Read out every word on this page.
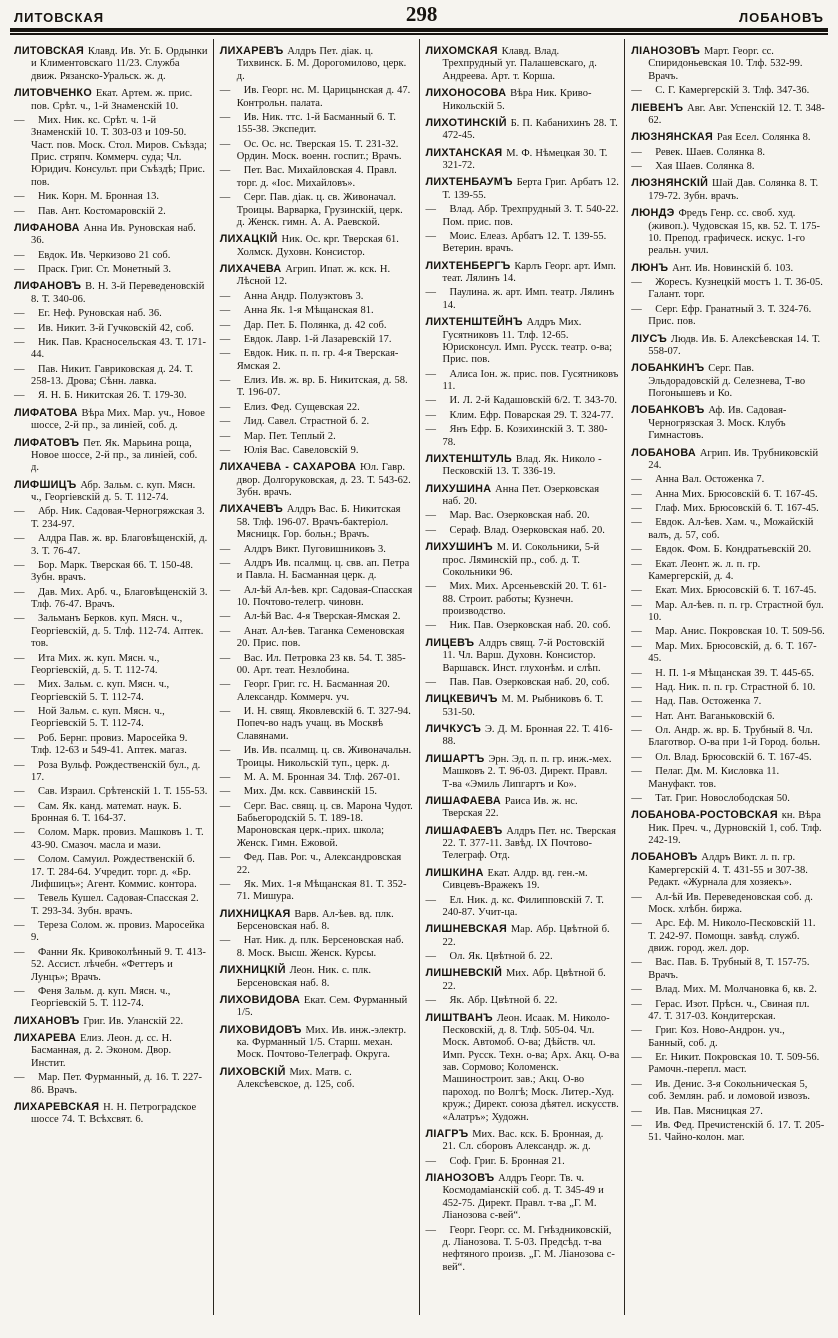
ЛИТОВСКАЯ	298	ЛОБАНОВЪ

ЛИТОВСКАЯ Клавд. Ив. Уг. Б. Ордынки и Климентовскаго 11/23. Служба движ. Рязанско-Уральск. ж. д.

ЛИТОВЧЕНКО Екат. Артем. ж. прис. пов. Срѣт. ч., 1-й Знаменскій 10.

— Мих. Ник. кс. Срѣт. ч. 1-й Знаменскій 10. Т. 303-03 и 109-50. Част. пов. Моск. Стол. Миров. Съѣзда; Прис. стряпч. Коммерч. суда; Чл. Юридич. Консульт. при Съѣздѣ; Прис. пов.

— Ник. Корн. М. Бронная 13.

— Пав. Ант. Костомаровскій 2.

ЛИФАНОВА Анна Ив. Руновская наб. 36.

— Евдок. Ив. Черкизово 21 соб.

— Праск. Григ. Ст. Монетный 3.

ЛИФАНОВЪ В. Н. 3-й Переведеновскій 8. Т. 340-06.

— Ег. Неф. Руновская наб. 36.

— Ив. Никит. 3-й Гучковскій 42, соб.

— Ник. Пав. Красносельская 43. Т. 171-44.

— Пав. Никит. Гавриковская д. 24. Т. 258-13. Дрова; Сѣнн. лавка.

— Я. Н. Б. Никитская 26. Т. 179-30.

ЛИФАТОВА Вѣра Мих. Мар. уч., Новое шоссе, 2-й пр., за линіей, соб. д.

ЛИФАТОВЪ Пет. Як. Марьина роща, Новое шоссе, 2-й пр., за линіей, соб. д.

ЛИФШИЦЪ Абр. Зальм. с. куп. Мясн. ч., Георгіевскій д. 5. Т. 112-74.

— Абр. Ник. Садовая-Черногряжская 3. Т. 234-97.

— Алдра Пав. ж. вр. Благовѣщенскій, д. 3. Т. 76-47.

— Бор. Марк. Тверская 66. Т. 150-48. Зубн. врачъ.

— Дав. Мих. Арб. ч., Благовѣщенскій 3. Тлф. 76-47. Врачъ.

— Зальманъ Берков. куп. Мясн. ч., Георгіевскій, д. 5. Тлф. 112-74. Аптек. тов.

— Ита Мих. ж. куп. Мясн. ч., Георгіевскій, д. 5. Т. 112-74.

— Мих. Зальм. с. куп. Мясн. ч., Георгіевскій 5. Т. 112-74.

— Ной Зальм. с. куп. Мясн. ч., Георгіевскій 5. Т. 112-74.

— Роб. Бернг. провиз. Маросейка 9. Тлф. 12-63 и 549-41. Аптек. магаз.

— Роза Вульф. Рождественскій бул., д. 17.

— Сав. Израил. Срѣтенскій 1. Т. 155-53.

— Сам. Як. канд. математ. наук. Б. Бронная 6. Т. 164-37.

— Солом. Марк. провиз. Машковъ 1. Т. 43-90. Смазоч. масла и мази.

— Солом. Самуил. Рождественскій б. 17. Т. 284-64. Учредит. торг. д. «Бр. Лифшицъ»; Агент. Коммис. контора.

— Тевель Кушел. Садовая-Спасская 2. Т. 293-34. Зубн. врачъ.

— Тереза Солом. ж. провиз. Маросейка 9.

— Фанни Як. Кривоколѣнный 9. Т. 413-52. Ассист. лѣчебн. «Феттеръ и Лунцъ»; Врачъ.

— Феня Зальм. д. куп. Мясн. ч., Георгіевскій 5. Т. 112-74.

ЛИХАНОВЪ Григ. Ив. Уланскій 22.

ЛИХАРЕВА Елиз. Леон. д. сс. Н. Басманная, д. 2. Эконом. Двор. Инстит.

— Мар. Пет. Фурманный, д. 16. Т. 227-86. Врачъ.

ЛИХАРЕВСКАЯ Н. Н. Петроградское шоссе 74. Т. Всѣхсвят. 6.

ЛИХАРЕВЪ Алдръ Пет. діак. ц. Тихвинск. Б. М. Дорогомилово, церк. д.

— Ив. Георг. нс. М. Царицынская д. 47. Контрольн. палата.

— Ив. Ник. ттс. 1-й Басманный 6. Т. 155-38. Экспедит.

— Ос. Ос. нс. Тверская 15. Т. 231-32. Ордин. Моск. военн. госпит.; Врачъ.

— Пет. Вас. Михайловская 4. Правл. торг. д. «Іос. Михайловъ».

— Серг. Пав. діак. ц. св. Живоначал. Троицы. Варварка, Грузинскій, церк. д. Женск. гимн. А. А. Раевской.

ЛИХАЦКІЙ Ник. Ос. крг. Тверская 61. Холмск. Духовн. Консистор.

ЛИХАЧЕВА Агрип. Ипат. ж. кск. Н. Лѣсной 12.

— Анна Андр. Полуэктовъ 3.

— Анна Як. 1-я Мѣщанская 81.

— Дар. Пет. Б. Полянка, д. 42 соб.

— Евдок. Лавр. 1-й Лазаревскій 17.

— Евдок. Ник. п. п. гр. 4-я Тверская-Ямская 2.

— Елиз. Ив. ж. вр. Б. Никитская, д. 58. Т. 196-07.

— Елиз. Фед. Сущевская 22.

— Лид. Савел. Страстной б. 2.

— Мар. Пет. Теплый 2.

— Юлія Вас. Савеловскій 9.

ЛИХАЧЕВА - САХАРОВА Юл. Гавр. двор. Долгоруковская, д. 23. Т. 543-62. Зубн. врачъ.

ЛИХАЧЕВЪ Алдръ Вас. Б. Никитская 58. Тлф. 196-07. Врачъ-бактеріол. Мясницк. Гор. больн.; Врачъ.

— Алдръ Викт. Пуговишниковъ 3.

— Алдръ Ив. псалмщ. ц. свв. ап. Петра и Павла. Н. Басманная церк. д.

— Ал-ѣй Ал-ѣев. крг. Садовая-Спасская 10. Почтово-телегр. чиновн.

— Ал-ѣй Вас. 4-я Тверская-Ямская 2.

— Анат. Ал-ѣев. Таганка Семеновская 20. Прис. пов.

— Вас. Ил. Петровка 23 кв. 54. Т. 385-00. Арт. теат. Незлобина.

— Георг. Григ. гс. Н. Басманная 20. Александр. Коммерч. уч.

— И. Н. свящ. Яковлевскій 6. Т. 327-94. Попеч-во надъ учащ. въ Москвѣ Славянами.

— Ив. Ив. псалмщ. ц. св. Живоначальн. Троицы. Никольскій туп., церк. д.

— М. А. М. Бронная 34. Тлф. 267-01.

— Мих. Дм. кск. Саввинскій 15.

— Серг. Вас. свящ. ц. св. Марона Чудот. Бабьегородскій 5. Т. 189-18. Мароновская церк.-прих. школа; Женск. Гимн. Ежовой.

— Фед. Пав. Рог. ч., Александровская 22.

— Як. Мих. 1-я Мѣщанская 81. Т. 352-71. Мишура.

ЛИХНИЦКАЯ Варв. Ал-ѣев. вд. плк. Берсеновская наб. 8.

— Нат. Ник. д. плк. Берсеновская наб. 8. Моск. Высш. Женск. Курсы.

ЛИХНИЦКІЙ Леон. Ник. с. плк. Берсеновская наб. 8.

ЛИХОВИДОВА Екат. Сем. Фурманный 1/5.

ЛИХОВИДОВЪ Мих. Ив. инж.-электр. ка. Фурманный 1/5. Старш. механ. Моск. Почтово-Телеграф. Округа.

ЛИХОВСКІЙ Мих. Матв. с. Алексѣевское, д. 125, соб.

ЛИХОМСКАЯ Клавд. Влад. Трехпрудный уг. Палашевскаго, д. Андреева. Арт. т. Корша.

ЛИХОНОСОВА Вѣра Ник. Криво-Никольскій 5.

ЛИХОТИНСКІЙ Б. П. Кабанихинъ 28. Т. 472-45.

ЛИХТАНСКАЯ М. Ф. Нѣмецкая 30. Т. 321-72.

ЛИХТЕНБАУМЪ Берта Григ. Арбатъ 12. Т. 139-55.

— Влад. Абр. Трехпрудный 3. Т. 540-22. Пом. прис. пов.

— Моис. Елеаз. Арбатъ 12. Т. 139-55. Ветерин. врачъ.

ЛИХТЕНБЕРГЪ Карлъ Георг. арт. Имп. теат. Лялинъ 14.

— Паулина. ж. арт. Имп. театр. Лялинъ 14.

ЛИХТЕНШТЕЙНЪ Алдръ Мих. Гусятниковъ 11. Тлф. 12-65. Юрисконсул. Имп. Русск. театр. о-ва; Прис. пов.

— Алиса Іон. ж. прис. пов. Гусятниковъ 11.

— И. Л. 2-й Кадашовскій 6/2. Т. 343-70.

— Клим. Ефр. Поварская 29. Т. 324-77.

— Янъ Ефр. Б. Козихинскій 3. Т. 380-78.

ЛИХТЕНШТУЛЬ Влад. Як. Николо - Песковскій 13. Т. 336-19.

ЛИХУШИНА Анна Пет. Озерковская наб. 20.

— Мар. Вас. Озерковская наб. 20.

— Сераф. Влад. Озерковская наб. 20.

ЛИХУШИНЪ М. И. Сокольники, 5-й прос. Ляминскій пр., соб. д. Т. Сокольники 96.

— Мих. Мих. Арсеньевскій 20. Т. 61-88. Строит. работы; Кузнечн. производство.

— Ник. Пав. Озерковская наб. 20. соб.

ЛИЦЕВЪ Алдръ свящ. 7-й Ростовскій 11. Чл. Варш. Духовн. Консистор. Варшавск. Инст. глухонѣм. и слѣп.

— Пав. Пав. Озерковская наб. 20, соб.

ЛИЦКЕВИЧЪ М. М. Рыбниковъ 6. Т. 531-50.

ЛИЧКУСЪ Э. Д. М. Бронная 22. Т. 416-88.

ЛИШАРТЪ Эрн. Эд. п. п. гр. инж.-мех. Машковъ 2. Т. 96-03. Директ. Правл. Т-ва «Эмиль Липгартъ и Ко».

ЛИШАФАЕВА Раиса Ив. ж. нс. Тверская 22.

ЛИШАФАЕВЪ Алдръ Пет. нс. Тверская 22. Т. 377-11. Завѣд. IX Почтово-Телеграф. Отд.

ЛИШКИНА Екат. Алдр. вд. ген.-м. Сивцевъ-Вражекъ 19.

— Ел. Ник. д. кс. Филипповскій 7. Т. 240-87. Учит-ца.

ЛИШНЕВСКАЯ Мар. Абр. Цвѣтной б. 22.

— Ол. Як. Цвѣтной б. 22.

ЛИШНЕВСКІЙ Мих. Абр. Цвѣтной б. 22.

— Як. Абр. Цвѣтной б. 22.

ЛИШТВАНЪ Леон. Исаак. М. Николо-Песковскій, д. 8. Тлф. 505-04. Чл. Моск. Автомоб. О-ва; Дѣйств. чл. Имп. Русск. Техн. о-ва; Арх. Акц. О-ва зав. Сормово; Коломенск. Машиностроит. зав.; Акц. О-во пароход. по Волгѣ; Моск. Литер.-Худ. круж.; Директ. союза дѣятел. искусств. «Алатръ»; Художн.

ЛІАГРЪ Мих. Вас. кск. Б. Бронная, д. 21. Сл. сборовъ Александр. ж. д.

— Соф. Григ. Б. Бронная 21.

ЛІАНОЗОВЪ Алдръ Георг. Тв. ч. Космодаміанскій соб. д. Т. 345-49 и 452-75. Директ. Правл. т-ва „Г. М. Ліанозова с-вей“.

— Георг. Георг. сс. М. Гнѣздниковскій, д. Ліанозова. Т. 5-03. Предсѣд. т-ва нефтяного произв. „Г. М. Ліанозова с-вей“.

ЛІАНОЗОВЪ Март. Георг. сс. Спиридоньевская 10. Тлф. 532-99. Врачъ.

— С. Г. Камергерскій 3. Тлф. 347-36.

ЛІЕВЕНЪ Авг. Авг. Успенскій 12. Т. 348-62.

ЛЮЗНЯНСКАЯ Рая Есел. Солянка 8.

— Ревек. Шаев. Солянка 8.

— Хая Шаев. Солянка 8.

ЛЮЗНЯНСКІЙ Шай Дав. Солянка 8. Т. 179-72. Зубн. врачъ.

ЛЮНДЭ Фредъ Генр. сс. своб. худ. (живоп.). Чудовская 15, кв. 52. Т. 175-10. Препод. графическ. искус. 1-го реальн. учил.

ЛЮНЪ Ант. Ив. Новинскій б. 103.

— Жоресъ. Кузнецкій мостъ 1. Т. 36-05. Галант. торг.

— Серг. Ефр. Гранатный 3. Т. 324-76. Прис. пов.

ЛІУСЪ Людв. Ив. Б. Алексѣевская 14. Т. 558-07.

ЛОБАНКИНЪ Серг. Пав. Эльдорадовскій д. Селезнева, Т-во Погонышевъ и Ко.

ЛОБАНКОВЪ Аф. Ив. Садовая-Черногрязская 3. Моск. Клубъ Гимнастовъ.

ЛОБАНОВА Агрип. Ив. Трубниковскій 24.

— Анна Вал. Остоженка 7.

— Анна Мих. Брюсовскій 6. Т. 167-45.

— Глаф. Мих. Брюсовскій 6. Т. 167-45.

— Евдок. Ал-ѣев. Хам. ч., Можайскій валъ, д. 57, соб.

— Евдок. Фом. Б. Кондратьевскій 20.

— Екат. Леонт. ж. л. п. гр. Камергерскій, д. 4.

— Екат. Мих. Брюсовскій 6. Т. 167-45.

— Мар. Ал-ѣев. п. п. гр. Страстной бул. 10.

— Мар. Анис. Покровская 10. Т. 509-56.

— Мар. Мих. Брюсовскій, д. 6. Т. 167-45.

— Н. П. 1-я Мѣщанская 39. Т. 445-65.

— Над. Ник. п. п. гр. Страстной б. 10.

— Над. Пав. Остоженка 7.

— Нат. Ант. Ваганьковскій 6.

— Ол. Андр. ж. вр. Б. Трубный 8. Чл. Благотвор. О-ва при 1-й Город. больн.

— Ол. Влад. Брюсовскій 6. Т. 167-45.

— Пелаг. Дм. М. Кисловка 11. Мануфакт. тов.

— Тат. Григ. Новослободская 50.

ЛОБАНОВА-РОСТОВСКАЯ кн. Вѣра Ник. Преч. ч., Дурновскій 1, соб. Тлф. 242-19.

ЛОБАНОВЪ Алдръ Викт. л. п. гр. Камергерскій 4. Т. 431-55 и 307-38. Редакт. «Журнала для хозяекъ».

— Ал-ѣй Ив. Переведеновская соб. д. Моск. хлѣбн. биржа.

— Арс. Еф. М. Николо-Песковскій 11. Т. 242-97. Помощн. завѣд. служб. движ. город. жел. дор.

— Вас. Пав. Б. Трубный 8, Т. 157-75. Врачъ.

— Влад. Мих. М. Молчановка 6, кв. 2.

— Герас. Изот. Прѣсн. ч., Свиная пл. 47. Т. 317-03. Кондитерская.

— Григ. Коз. Ново-Андрон. уч., Банный, соб. д.

— Ег. Никит. Покровская 10. Т. 509-56. Рамочн.-перепл. маст.

— Ив. Денис. 3-я Сокольническая 5, соб. Землян. раб. и ломовой извозъ.

— Ив. Пав. Мясницкая 27.

— Ив. Фед. Пречистенскій б. 17. Т. 205-51. Чайно-колон. маг.
